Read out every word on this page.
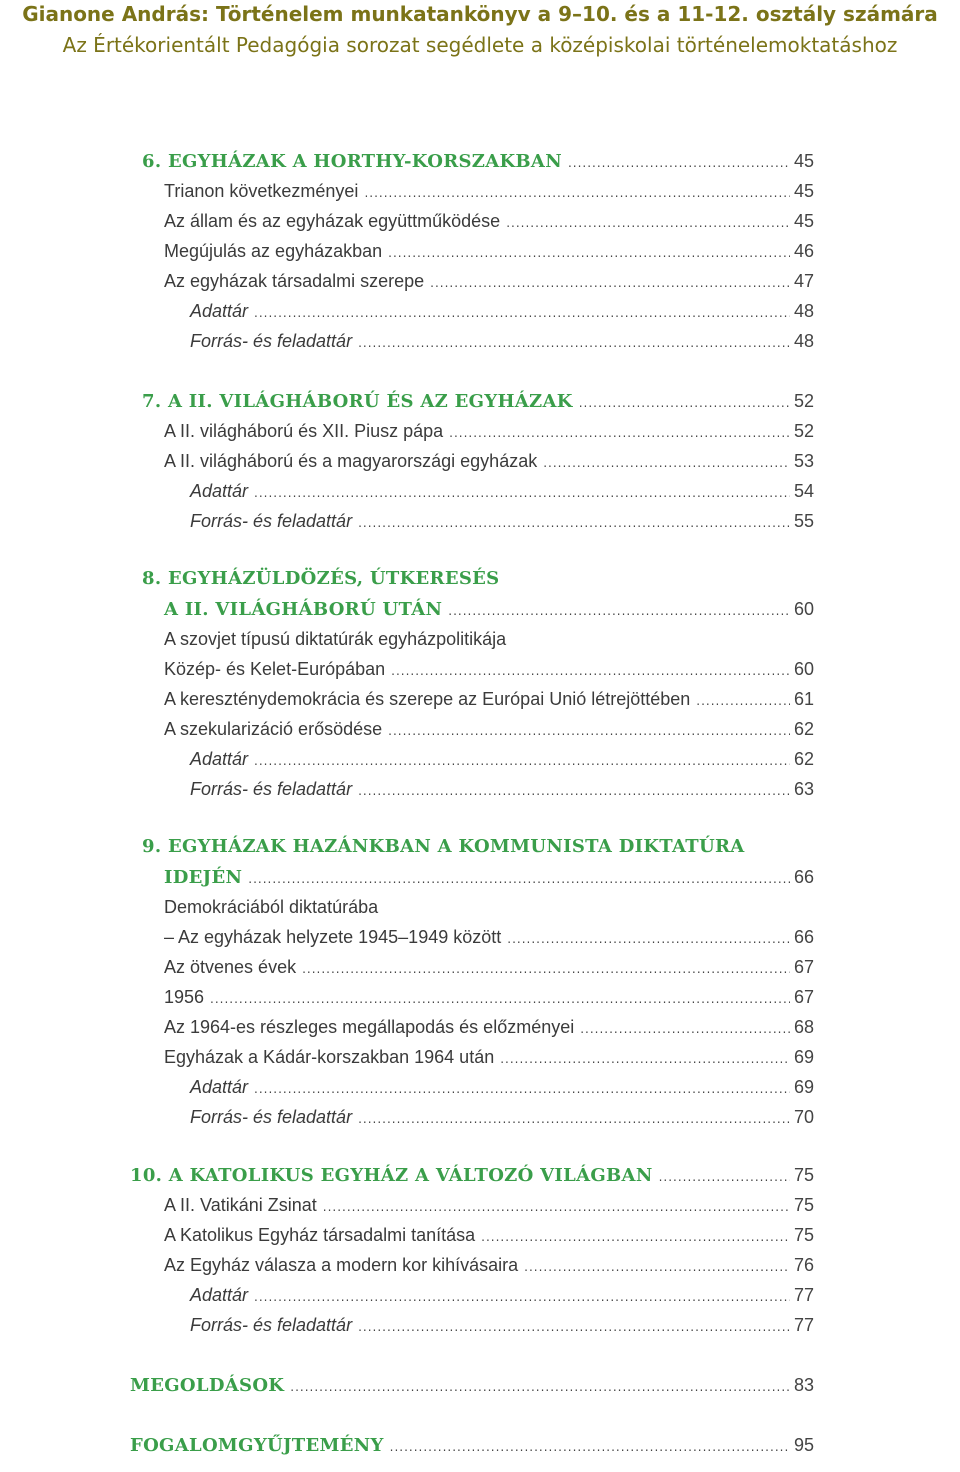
Gianone András: Történelem munkatankönyv a 9–10. és a 11-12. osztály számára
Az Értékorientált Pedagógia sorozat segédlete a középiskolai történelemoktatáshoz
6. EGYHÁZAK A HORTHY-KORSZAKBAN .....	45
Trianon következményei .....	45
Az állam és az egyházak együttműködése .....	45
Megújulás az egyházakban .....	46
Az egyházak társadalmi szerepe .....	47
Adattár .....	48
Forrás- és feladattár .....	48
7. A II. VILÁGHÁBORÚ ÉS AZ EGYHÁZAK .....	52
A II. világháború és XII. Piusz pápa .....	52
A II. világháború és a magyarországi egyházak .....	53
Adattár .....	54
Forrás- és feladattár .....	55
8. EGYHÁZÜLDÖZÉS, ÚTKERESÉS
A II. VILÁGHÁBORÚ UTÁN .....	60
A szovjet típusú diktatúrák egyházpolitikája
Közép- és Kelet-Európában .....	60
A kereszténydemokrácia és szerepe az Európai Unió létrejöttében .....	61
A szekularizáció erősödése .....	62
Adattár .....	62
Forrás- és feladattár .....	63
9. EGYHÁZAK HAZÁNKBAN A KOMMUNISTA DIKTATÚRA
IDEJÉN .....	66
Demokráciából diktatúrába
– Az egyházak helyzete 1945–1949 között .....	66
Az ötvenes évek .....	67
1956 .....	67
Az 1964-es részleges megállapodás és előzményei .....	68
Egyházak a Kádár-korszakban 1964 után .....	69
Adattár .....	69
Forrás- és feladattár .....	70
10. A KATOLIKUS EGYHÁZ A VÁLTOZÓ VILÁGBAN .....	75
A II. Vatikáni Zsinat .....	75
A Katolikus Egyház társadalmi tanítása .....	75
Az Egyház válasza a modern kor kihívásaira .....	76
Adattár .....	77
Forrás- és feladattár .....	77
MEGOLDÁSOK .....	83
FOGALOMGYŰJTEMÉNY .....	95
